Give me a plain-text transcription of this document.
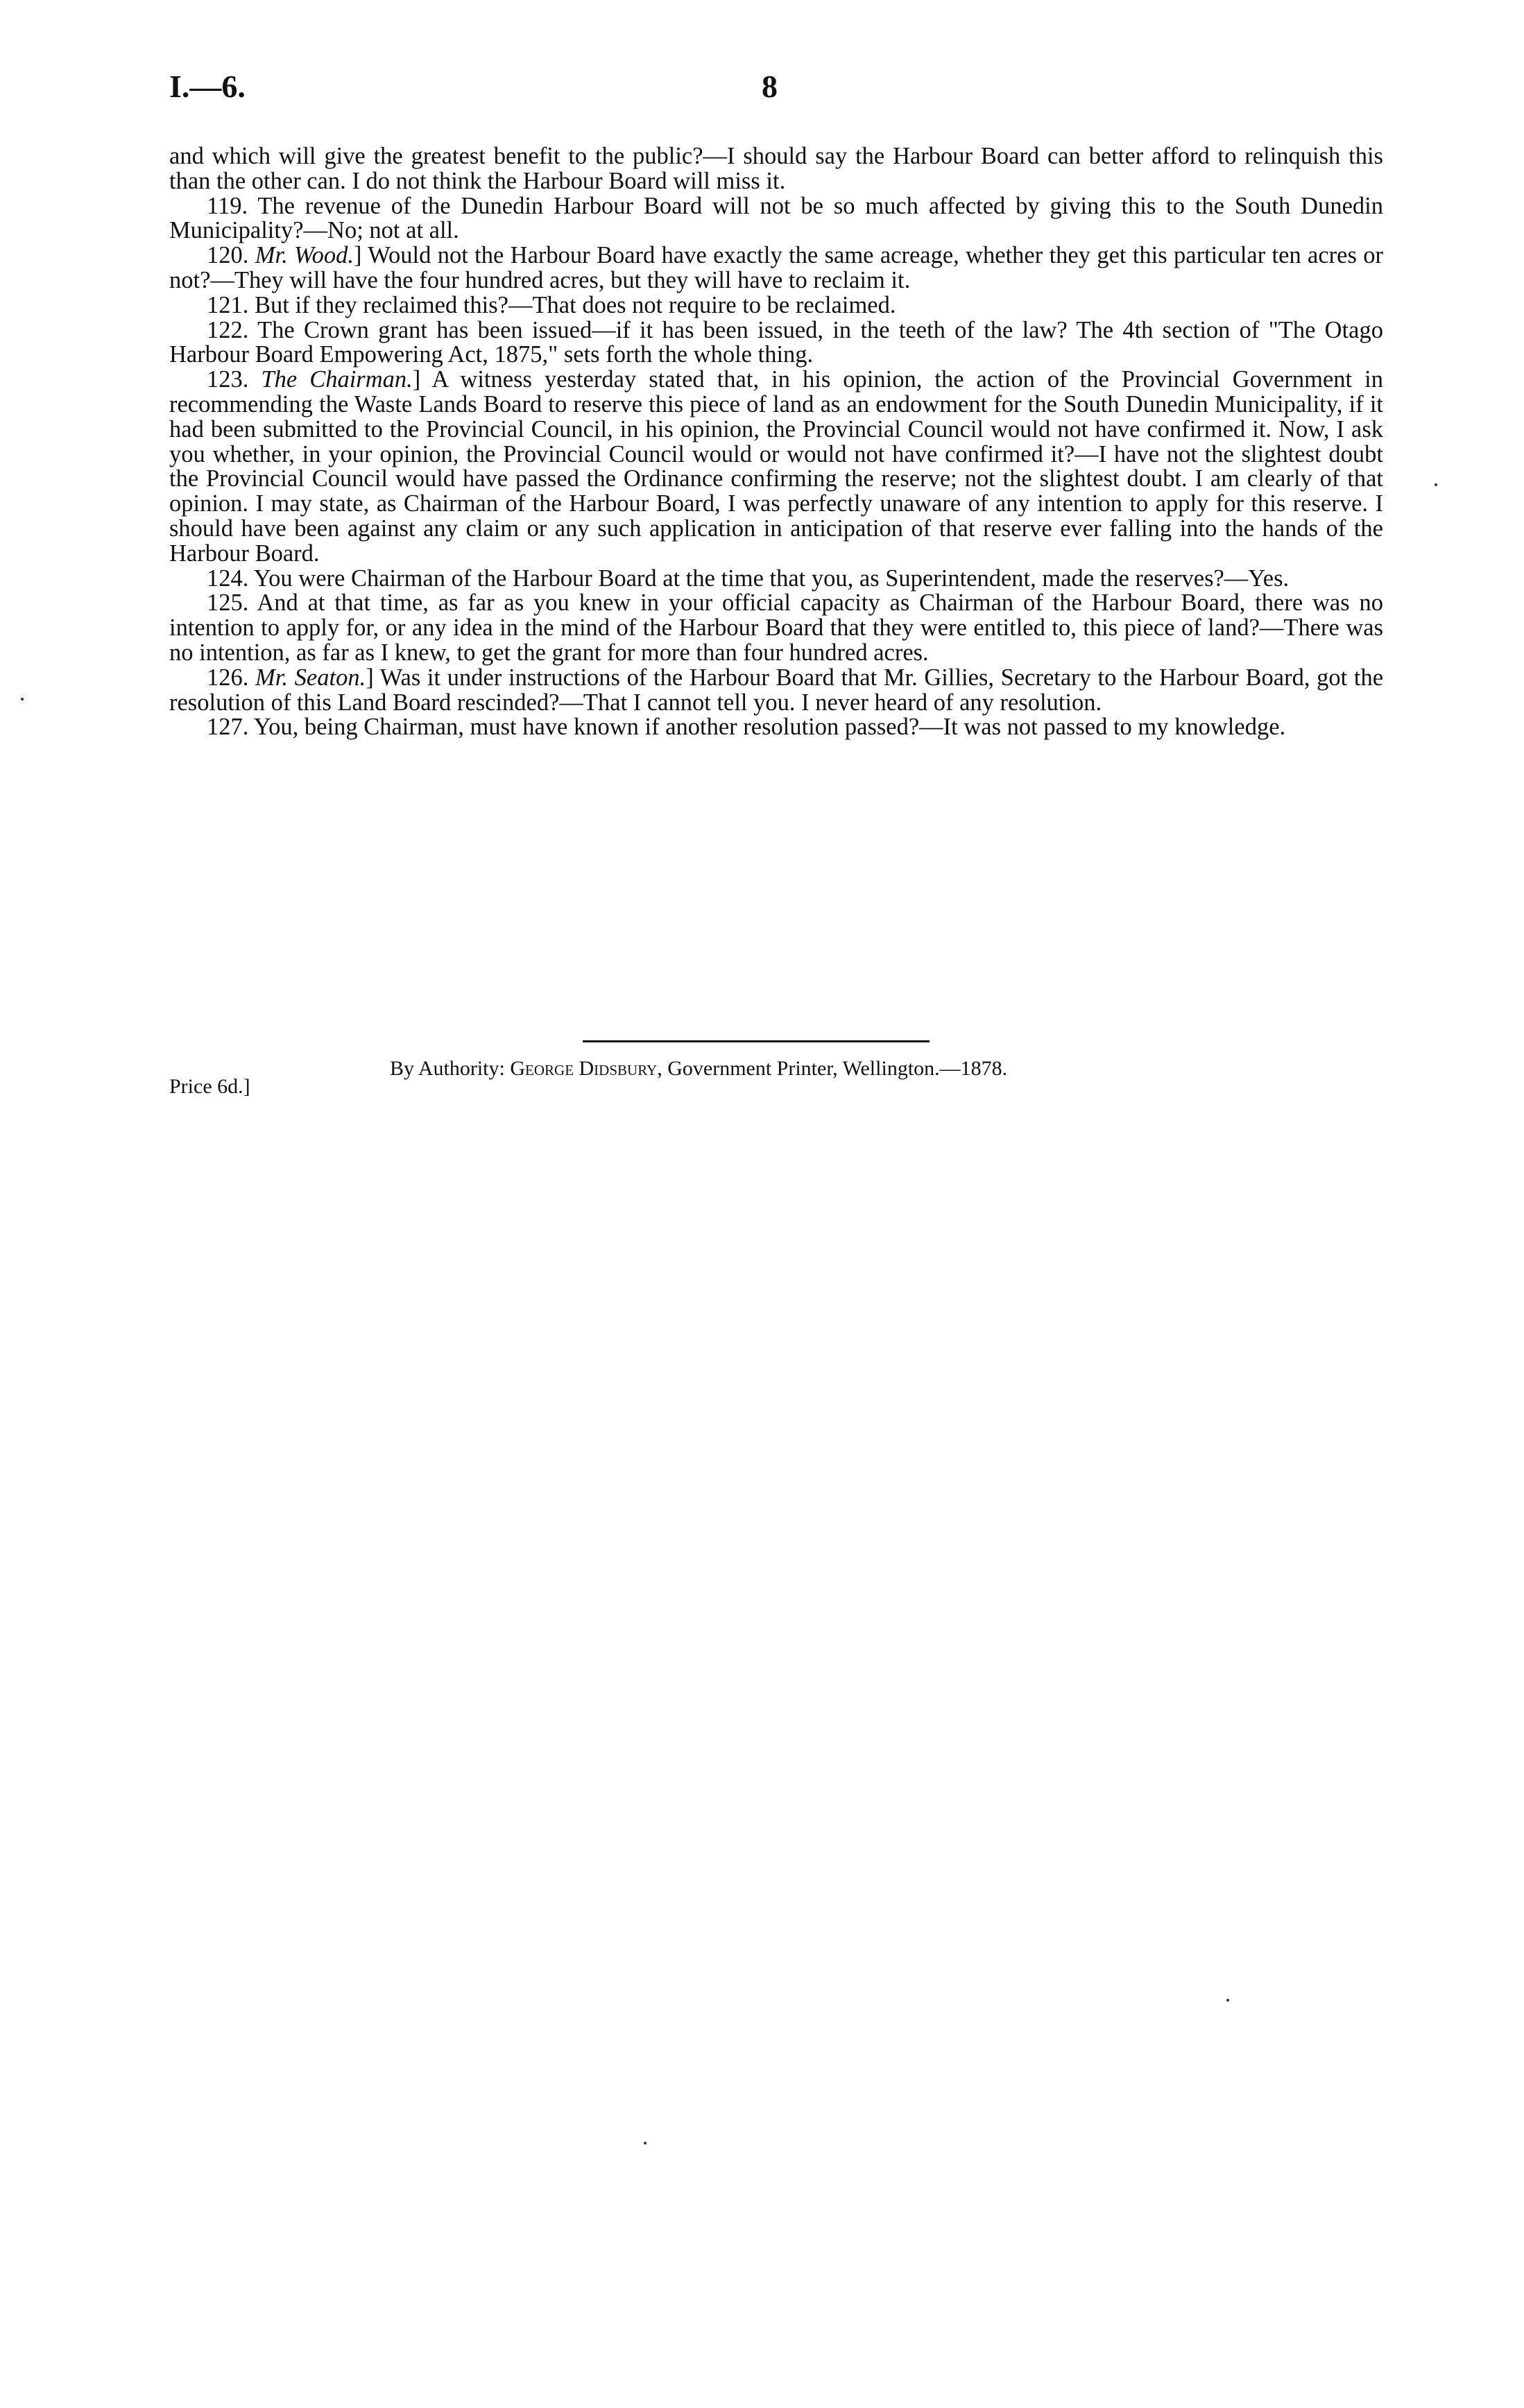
I.—6.	8

and which will give the greatest benefit to the public?—I should say the Harbour Board can better afford to relinquish this than the other can. I do not think the Harbour Board will miss it.

119. The revenue of the Dunedin Harbour Board will not be so much affected by giving this to the South Dunedin Municipality?—No; not at all.

120. Mr. Wood.] Would not the Harbour Board have exactly the same acreage, whether they get this particular ten acres or not?—They will have the four hundred acres, but they will have to reclaim it.

121. But if they reclaimed this?—That does not require to be reclaimed.

122. The Crown grant has been issued—if it has been issued, in the teeth of the law? The 4th section of "The Otago Harbour Board Empowering Act, 1875," sets forth the whole thing.

123. The Chairman.] A witness yesterday stated that, in his opinion, the action of the Provincial Government in recommending the Waste Lands Board to reserve this piece of land as an endowment for the South Dunedin Municipality, if it had been submitted to the Provincial Council, in his opinion, the Provincial Council would not have confirmed it. Now, I ask you whether, in your opinion, the Provincial Council would or would not have confirmed it?—I have not the slightest doubt the Provincial Council would have passed the Ordinance confirming the reserve; not the slightest doubt. I am clearly of that opinion. I may state, as Chairman of the Harbour Board, I was perfectly unaware of any intention to apply for this reserve. I should have been against any claim or any such application in anticipation of that reserve ever falling into the hands of the Harbour Board.

124. You were Chairman of the Harbour Board at the time that you, as Superintendent, made the reserves?—Yes.

125. And at that time, as far as you knew in your official capacity as Chairman of the Harbour Board, there was no intention to apply for, or any idea in the mind of the Harbour Board that they were entitled to, this piece of land?—There was no intention, as far as I knew, to get the grant for more than four hundred acres.

126. Mr. Seaton.] Was it under instructions of the Harbour Board that Mr. Gillies, Secretary to the Harbour Board, got the resolution of this Land Board rescinded?—That I cannot tell you. I never heard of any resolution.

127. You, being Chairman, must have known if another resolution passed?—It was not passed to my knowledge.

By Authority: George Didsbury, Government Printer, Wellington.—1878.
Price 6d.]
